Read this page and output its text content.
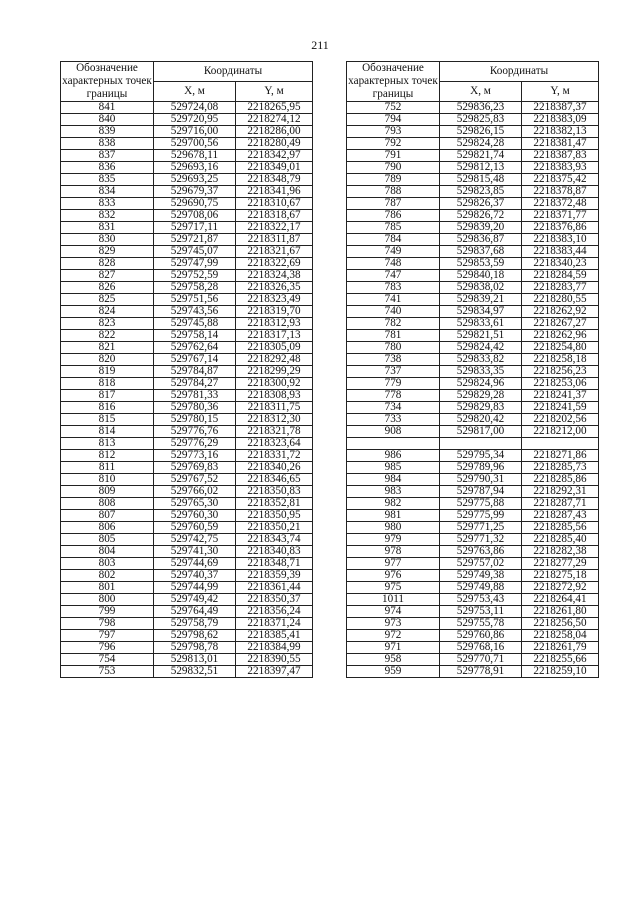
211
Обозначение характерных точек границы	Координаты	
	X, м	Y, м
841	529724,08	2218265,95
840	529720,95	2218274,12
839	529716,00	2218286,00
838	529700,56	2218280,49
837	529678,11	2218342,97
836	529693,16	2218349,01
835	529693,25	2218348,79
834	529679,37	2218341,96
833	529690,75	2218310,67
832	529708,06	2218318,67
831	529717,11	2218322,17
830	529721,87	2218311,87
829	529745,07	2218321,67
828	529747,99	2218322,69
827	529752,59	2218324,38
826	529758,28	2218326,35
825	529751,56	2218323,49
824	529743,56	2218319,70
823	529745,88	2218312,93
822	529758,14	2218317,13
821	529762,64	2218305,09
820	529767,14	2218292,48
819	529784,87	2218299,29
818	529784,27	2218300,92
817	529781,33	2218308,93
816	529780,36	2218311,75
815	529780,15	2218312,30
814	529776,76	2218321,78
813	529776,29	2218323,64
812	529773,16	2218331,72
811	529769,83	2218340,26
810	529767,52	2218346,65
809	529766,02	2218350,83
808	529765,30	2218352,81
807	529760,30	2218350,95
806	529760,59	2218350,21
805	529742,75	2218343,74
804	529741,30	2218340,83
803	529744,69	2218348,71
802	529740,37	2218359,39
801	529744,99	2218361,44
800	529749,42	2218350,37
799	529764,49	2218356,24
798	529758,79	2218371,24
797	529798,62	2218385,41
796	529798,78	2218384,99
754	529813,01	2218390,55
753	529832,51	2218397,47
Обозначение характерных точек границы	Координаты	
	X, м	Y, м
752	529836,23	2218387,37
794	529825,83	2218383,09
793	529826,15	2218382,13
792	529824,28	2218381,47
791	529821,74	2218387,83
790	529812,13	2218383,93
789	529815,48	2218375,42
788	529823,85	2218378,87
787	529826,37	2218372,48
786	529826,72	2218371,77
785	529839,20	2218376,86
784	529836,87	2218383,10
749	529837,68	2218383,44
748	529853,59	2218340,23
747	529840,18	2218284,59
783	529838,02	2218283,77
741	529839,21	2218280,55
740	529834,97	2218262,92
782	529833,61	2218267,27
781	529821,51	2218262,96
780	529824,42	2218254,80
738	529833,82	2218258,18
737	529833,35	2218256,23
779	529824,96	2218253,06
778	529829,28	2218241,37
734	529829,83	2218241,59
733	529820,42	2218202,56
908	529817,00	2218212,00

986	529795,34	2218271,86
985	529789,96	2218285,73
984	529790,31	2218285,86
983	529787,94	2218292,31
982	529775,88	2218287,71
981	529775,99	2218287,43
980	529771,25	2218285,56
979	529771,32	2218285,40
978	529763,86	2218282,38
977	529757,02	2218277,29
976	529749,38	2218275,18
975	529749,88	2218272,92
1011	529753,43	2218264,41
974	529753,11	2218261,80
973	529755,78	2218256,50
972	529760,86	2218258,04
971	529768,16	2218261,79
958	529770,71	2218255,66
959	529778,91	2218259,10
